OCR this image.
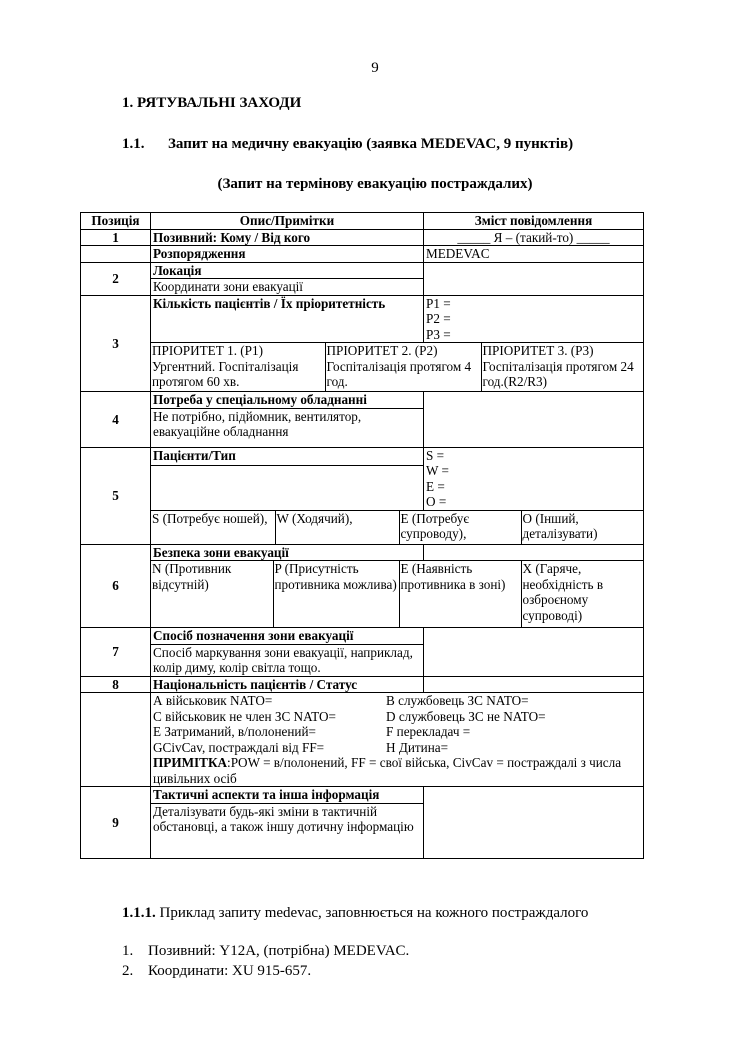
9
1. РЯТУВАЛЬНІ ЗАХОДИ
1.1. Запит на медичну евакуацію (заявка MEDEVAC, 9 пунктів)
(Запит на термінову евакуацію постраждалих)
Позиція	Опис/Примітки	Зміст повідомлення
1	Позивний: Кому / Від кого	_____ Я – (такий-то) _____
	Розпорядження	MEDEVAC
2	Локація	
Координати зони евакуації
3	Кількість пацієнтів / Їх пріоритетність	P1 =
P2 =
P3 =

ПРІОРИТЕТ 1. (P1) Ургентний. Госпіталізація протягом 60 хв.	ПРІОРИТЕТ 2. (P2) Госпіталізація протягом 4 год.	ПРІОРИТЕТ 3. (P3) Госпіталізація протягом 24 год.(R2/R3)

4	Потреба у спеціальному обладнанні	
Не потрібно, підйомник, вентилятор, евакуаційне обладнання
5	Пацієнти/Тип	S =
W =
E =
O =

S (Потребує ношей),	W (Ходячий),	E (Потребує супроводу),	O (Інший, деталізувати)

6	Безпека зони евакуації	

N (Противник відсутній)	P (Присутність противника можлива)	E (Наявність противника в зоні)	X (Гаряче, необхідність в озброєному супроводі)

7	Спосіб позначення зони евакуації	
Спосіб маркування зони евакуації, наприклад, колір диму, колір світла тощо.
8	Національність пацієнтів / Статус	

А військовик NATO=	В службовець ЗС NATO=
С військовик не член ЗС NATO=	D службовець ЗС не NATO=
Е Затриманий, в/полонений=	F перекладач =
GCivCav, постраждалі від FF=	H Дитина=
ПРИМІТКА:POW = в/полонений, FF = свої війська, CivCav = постраждалі з числа цивільних осіб

9	Тактичні аспекти та інша інформація	
Деталізувати будь-які зміни в тактичній обстановці, а також іншу дотичну інформацію
1.1.1. Приклад запиту medevac, заповнюється на кожного постраждалого
1. Позивний: Y12A, (потрібна) MEDEVAC.
2. Координати: XU 915-657.
